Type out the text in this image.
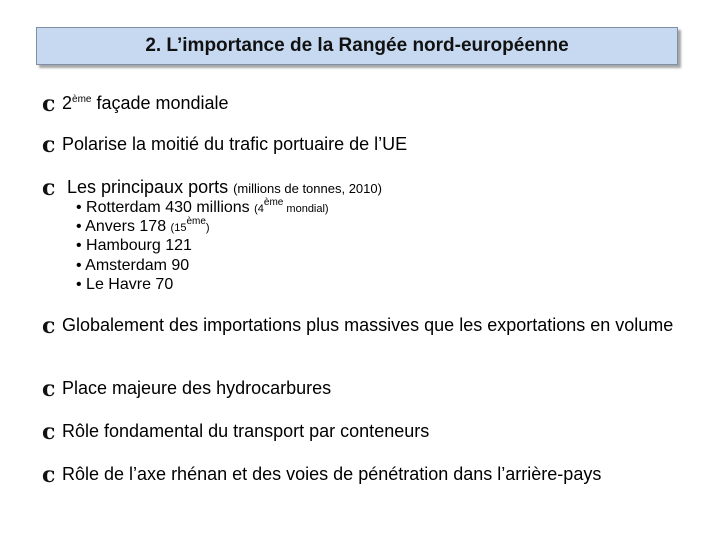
2. L’importance de la Rangée nord-européenne
c 2ème façade mondiale
c Polarise la moitié du trafic portuaire de l’UE
c Les principaux ports (millions de tonnes, 2010)
• Rotterdam 430 millions (4ème mondial)
• Anvers 178 (15ème)
• Hambourg 121
• Amsterdam 90
• Le Havre 70
c Globalement des importations plus massives que les exportations en volume
c Place majeure des hydrocarbures
c Rôle fondamental du transport par conteneurs
c Rôle de l’axe rhénan et des voies de pénétration dans l’arrière-pays
